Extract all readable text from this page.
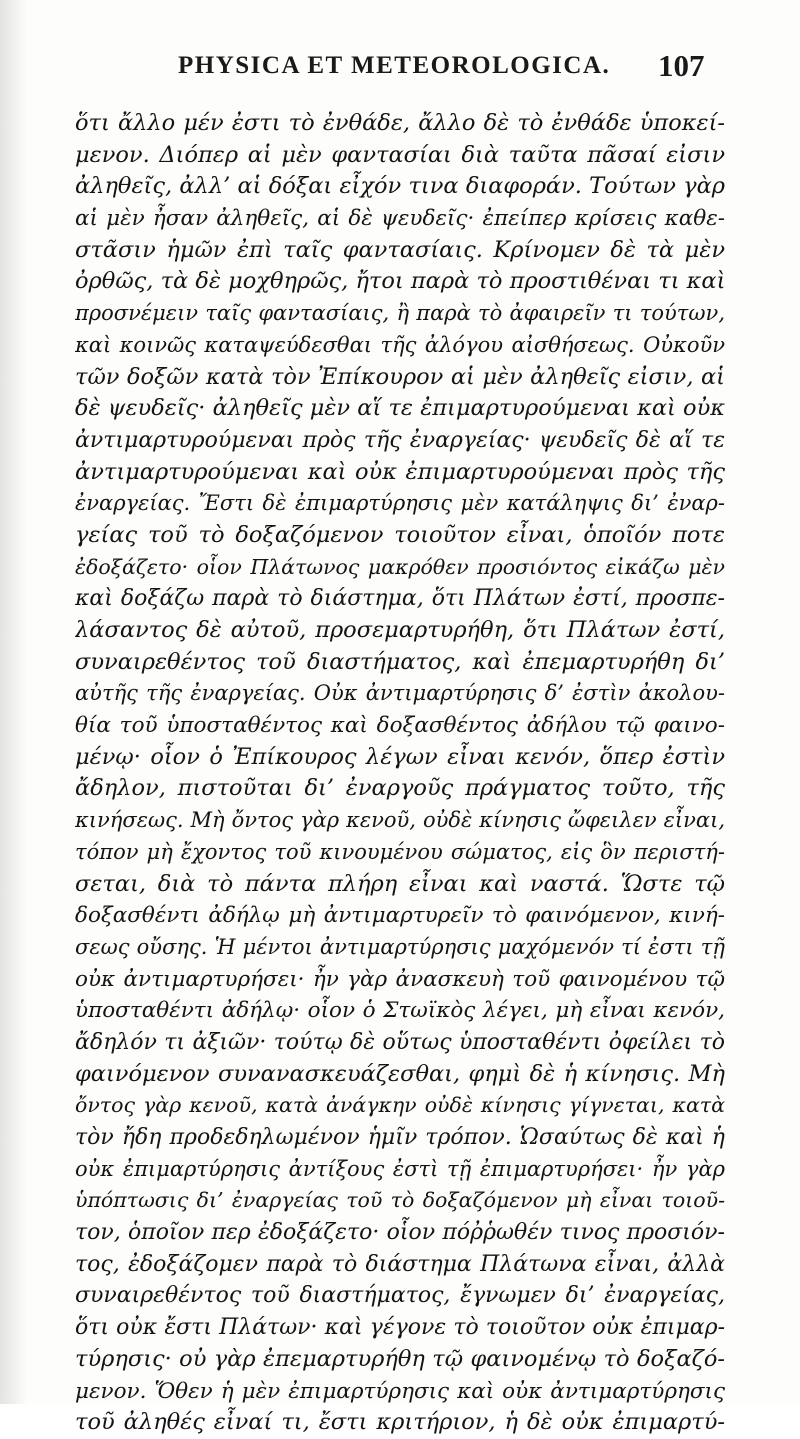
PHYSICA ET METEOROLOGICA. 107
ὅτι ἄλλο μέν ἐστι τὸ ἐνθάδε, ἄλλο δὲ τὸ ἐνθάδε ὑποκεί-
μενον. Διόπερ αἱ μὲν φαντασίαι διὰ ταῦτα πᾶσαί εἰσιν
ἀληθεῖς, ἀλλ’ αἱ δόξαι εἶχόν τινα διαφοράν. Τούτων γὰρ
αἱ μὲν ἦσαν ἀληθεῖς, αἱ δὲ ψευδεῖς· ἐπείπερ κρίσεις καθε-
στᾶσιν ἡμῶν ἐπὶ ταῖς φαντασίαις. Κρίνομεν δὲ τὰ μὲν
ὀρθῶς, τὰ δὲ μοχθηρῶς, ἤτοι παρὰ τὸ προστιθέναι τι καὶ
προσνέμειν ταῖς φαντασίαις, ἢ παρὰ τὸ ἀφαιρεῖν τι τούτων,
καὶ κοινῶς καταψεύδεσθαι τῆς ἀλόγου αἰσθήσεως. Οὐκοῦν
τῶν δοξῶν κατὰ τὸν Ἐπίκουρον αἱ μὲν ἀληθεῖς εἰσιν, αἱ
δὲ ψευδεῖς· ἀληθεῖς μὲν αἵ τε ἐπιμαρτυρούμεναι καὶ οὐκ
ἀντιμαρτυρούμεναι πρὸς τῆς ἐναργείας· ψευδεῖς δὲ αἵ τε
ἀντιμαρτυρούμεναι καὶ οὐκ ἐπιμαρτυρούμεναι πρὸς τῆς
ἐναργείας. Ἔστι δὲ ἐπιμαρτύρησις μὲν κατάληψις δι’ ἐναρ-
γείας τοῦ τὸ δοξαζόμενον τοιοῦτον εἶναι, ὁποῖόν ποτε
ἐδοξάζετο· οἷον Πλάτωνος μακρόθεν προσιόντος εἰκάζω μὲν
καὶ δοξάζω παρὰ τὸ διάστημα, ὅτι Πλάτων ἐστί, προσπε-
λάσαντος δὲ αὐτοῦ, προσεμαρτυρήθη, ὅτι Πλάτων ἐστί,
συναιρεθέντος τοῦ διαστήματος, καὶ ἐπεμαρτυρήθη δι’
αὐτῆς τῆς ἐναργείας. Οὐκ ἀντιμαρτύρησις δ’ ἐστὶν ἀκολου-
θία τοῦ ὑποσταθέντος καὶ δοξασθέντος ἀδήλου τῷ φαινο-
μένῳ· οἷον ὁ Ἐπίκουρος λέγων εἶναι κενόν, ὅπερ ἐστὶν
ἄδηλον, πιστοῦται δι’ ἐναργοῦς πράγματος τοῦτο, τῆς
κινήσεως. Μὴ ὄντος γὰρ κενοῦ, οὐδὲ κίνησις ὤφειλεν εἶναι,
τόπον μὴ ἔχοντος τοῦ κινουμένου σώματος, εἰς ὃν περιστή-
σεται, διὰ τὸ πάντα πλήρη εἶναι καὶ ναστά. Ὥστε τῷ
δοξασθέντι ἀδήλῳ μὴ ἀντιμαρτυρεῖν τὸ φαινόμενον, κινή-
σεως οὔσης. Ἡ μέντοι ἀντιμαρτύρησις μαχόμενόν τί ἐστι τῇ
οὐκ ἀντιμαρτυρήσει· ἦν γὰρ ἀνασκευὴ τοῦ φαινομένου τῷ
ὑποσταθέντι ἀδήλῳ· οἷον ὁ Στωϊκὸς λέγει, μὴ εἶναι κενόν,
ἄδηλόν τι ἀξιῶν· τούτῳ δὲ οὕτως ὑποσταθέντι ὀφείλει τὸ
φαινόμενον συνανασκευάζεσθαι, φημὶ δὲ ἡ κίνησις. Μὴ
ὄντος γὰρ κενοῦ, κατὰ ἀνάγκην οὐδὲ κίνησις γίγνεται, κατὰ
τὸν ἤδη προδεδηλωμένον ἡμῖν τρόπον. Ὡσαύτως δὲ καὶ ἡ
οὐκ ἐπιμαρτύρησις ἀντίξους ἐστὶ τῇ ἐπιμαρτυρήσει· ἦν γὰρ
ὑπόπτωσις δι’ ἐναργείας τοῦ τὸ δοξαζόμενον μὴ εἶναι τοιοῦ-
τον, ὁποῖον περ ἐδοξάζετο· οἷον πόῤῥωθέν τινος προσιόν-
τος, ἐδοξάζομεν παρὰ τὸ διάστημα Πλάτωνα εἶναι, ἀλλὰ
συναιρεθέντος τοῦ διαστήματος, ἔγνωμεν δι’ ἐναργείας,
ὅτι οὐκ ἔστι Πλάτων· καὶ γέγονε τὸ τοιοῦτον οὐκ ἐπιμαρ-
τύρησις· οὐ γὰρ ἐπεμαρτυρήθη τῷ φαινομένῳ τὸ δοξαζό-
μενον. Ὅθεν ἡ μὲν ἐπιμαρτύρησις καὶ οὐκ ἀντιμαρτύρησις
τοῦ ἀληθές εἶναί τι, ἔστι κριτήριον, ἡ δὲ οὐκ ἐπιμαρτύ-
